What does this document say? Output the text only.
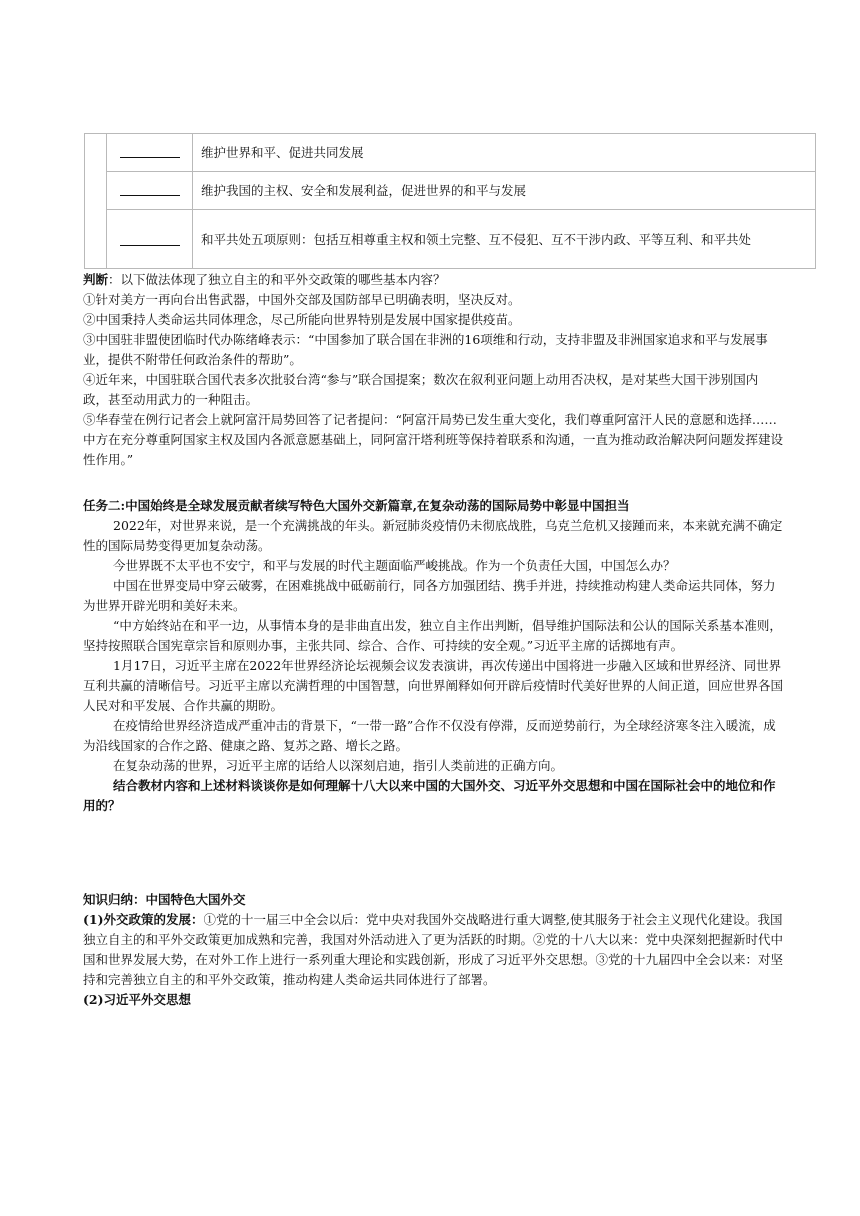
		维护世界和平、促进共同发展
		维护我国的主权、安全和发展利益，促进世界的和平与发展

		和平共处五项原则：包括互相尊重主权和领土完整、互不侵犯、互不干涉内政、平等互利、和平共处

判断：以下做法体现了独立自主的和平外交政策的哪些基本内容？

①针对美方一再向台出售武器，中国外交部及国防部早已明确表明，坚决反对。

②中国秉持人类命运共同体理念，尽己所能向世界特别是发展中国家提供疫苗。

③中国驻非盟使团临时代办陈绪峰表示：“中国参加了联合国在非洲的16项维和行动，支持非盟及非洲国家追求和平与发展事业，提供不附带任何政治条件的帮助”。

④近年来，中国驻联合国代表多次批驳台湾“参与”联合国提案；数次在叙利亚问题上动用否决权，是对某些大国干涉别国内政，甚至动用武力的一种阻击。

⑤华春莹在例行记者会上就阿富汗局势回答了记者提问：“阿富汗局势已发生重大变化，我们尊重阿富汗人民的意愿和选择……中方在充分尊重阿国家主权及国内各派意愿基础上，同阿富汗塔利班等保持着联系和沟通，一直为推动政治解决阿问题发挥建设性作用。”

任务二:中国始终是全球发展贡献者续写特色大国外交新篇章,在复杂动荡的国际局势中彰显中国担当

2022年，对世界来说，是一个充满挑战的年头。新冠肺炎疫情仍未彻底战胜，乌克兰危机又接踵而来，本来就充满不确定性的国际局势变得更加复杂动荡。

今世界既不太平也不安宁，和平与发展的时代主题面临严峻挑战。作为一个负责任大国，中国怎么办？

中国在世界变局中穿云破雾，在困难挑战中砥砺前行，同各方加强团结、携手并进，持续推动构建人类命运共同体，努力为世界开辟光明和美好未来。

“中方始终站在和平一边，从事情本身的是非曲直出发，独立自主作出判断，倡导维护国际法和公认的国际关系基本准则，坚持按照联合国宪章宗旨和原则办事，主张共同、综合、合作、可持续的安全观。”习近平主席的话掷地有声。

1月17日，习近平主席在2022年世界经济论坛视频会议发表演讲，再次传递出中国将进一步融入区域和世界经济、同世界互利共赢的清晰信号。习近平主席以充满哲理的中国智慧，向世界阐释如何开辟后疫情时代美好世界的人间正道，回应世界各国人民对和平发展、合作共赢的期盼。

在疫情给世界经济造成严重冲击的背景下，“一带一路”合作不仅没有停滞，反而逆势前行，为全球经济寒冬注入暖流，成为沿线国家的合作之路、健康之路、复苏之路、增长之路。

在复杂动荡的世界，习近平主席的话给人以深刻启迪，指引人类前进的正确方向。

结合教材内容和上述材料谈谈你是如何理解十八大以来中国的大国外交、习近平外交思想和中国在国际社会中的地位和作用的？

知识归纳：中国特色大国外交

(1)外交政策的发展：①党的十一届三中全会以后：党中央对我国外交战略进行重大调整,使其服务于社会主义现代化建设。我国独立自主的和平外交政策更加成熟和完善，我国对外活动进入了更为活跃的时期。②党的十八大以来：党中央深刻把握新时代中国和世界发展大势，在对外工作上进行一系列重大理论和实践创新，形成了习近平外交思想。③党的十九届四中全会以来：对坚持和完善独立自主的和平外交政策，推动构建人类命运共同体进行了部署。

(2)习近平外交思想
